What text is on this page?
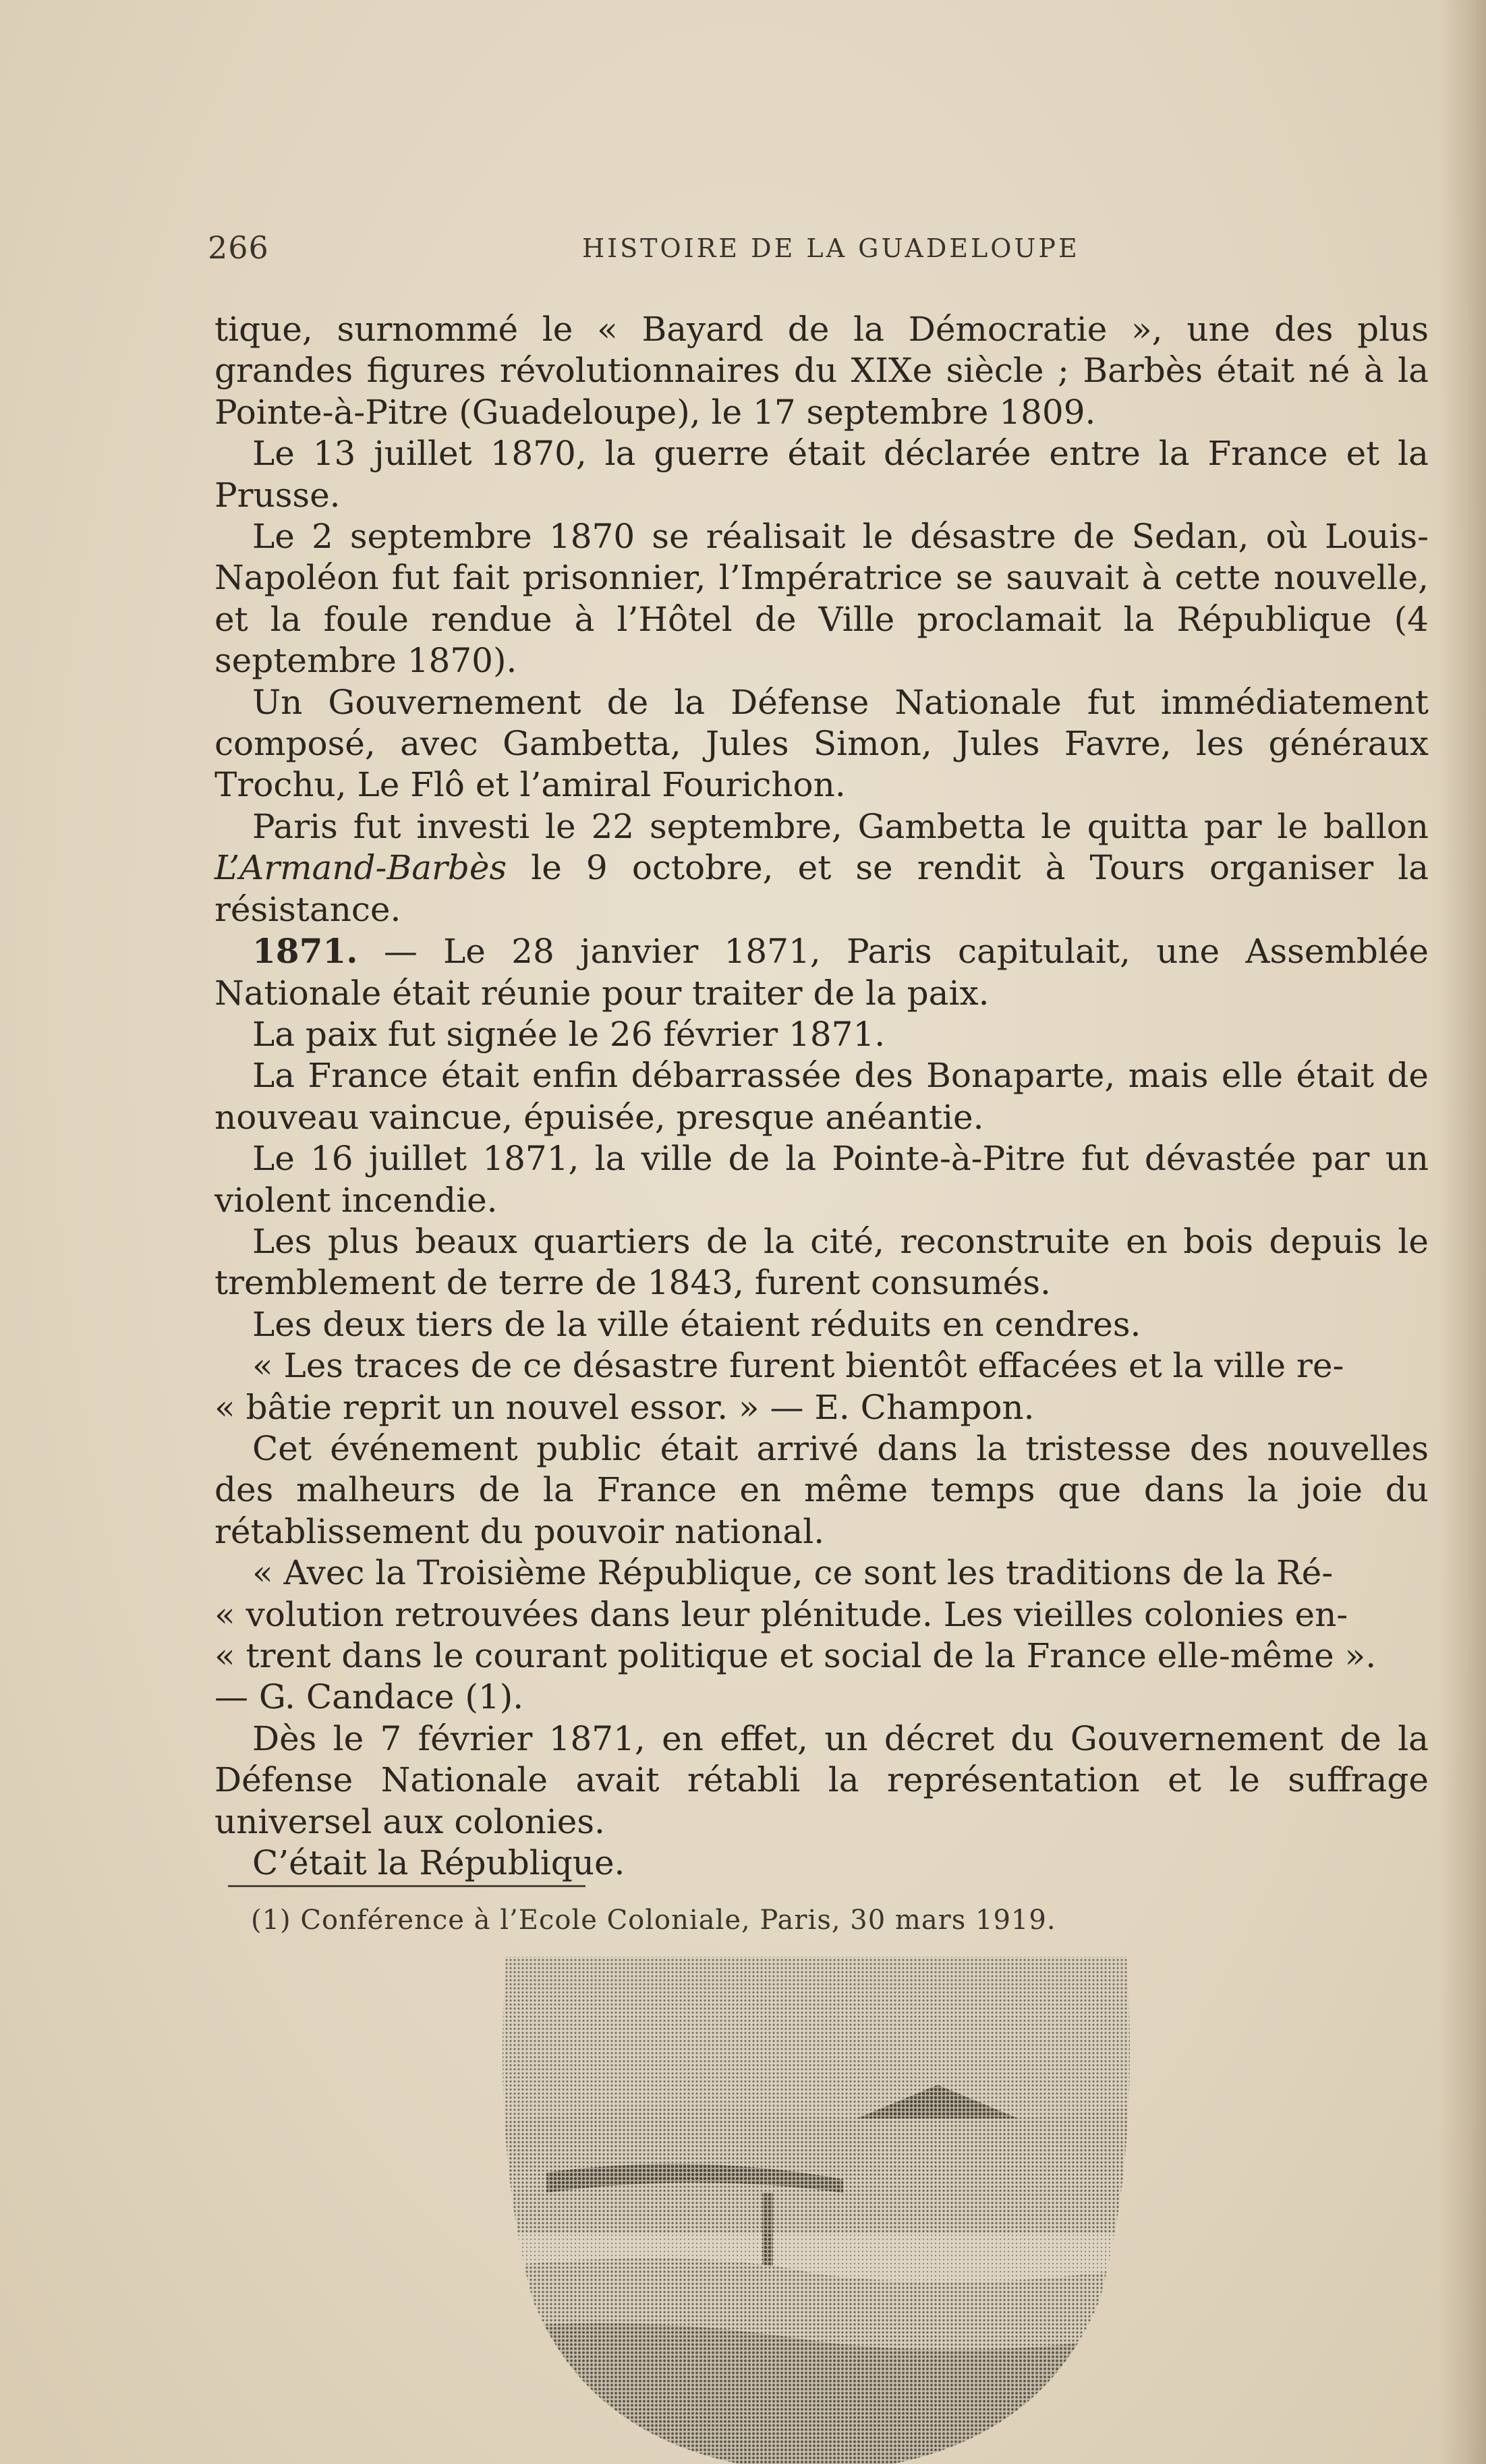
266	HISTOIRE DE LA GUADELOUPE

tique, surnommé le « Bayard de la Démocratie », une des plus grandes figures révolutionnaires du XIXe siècle ; Barbès était né à la Pointe-à-Pitre (Guadeloupe), le 17 septembre 1809.

Le 13 juillet 1870, la guerre était déclarée entre la France et la Prusse.

Le 2 septembre 1870 se réalisait le désastre de Sedan, où Louis-Napoléon fut fait prisonnier, l’Impératrice se sauvait à cette nouvelle, et la foule rendue à l’Hôtel de Ville proclamait la République (4 septembre 1870).

Un Gouvernement de la Défense Nationale fut immédiatement composé, avec Gambetta, Jules Simon, Jules Favre, les généraux Trochu, Le Flô et l’amiral Fourichon.

Paris fut investi le 22 septembre, Gambetta le quitta par le ballon L’Armand-Barbès le 9 octobre, et se rendit à Tours organiser la résistance.

1871. — Le 28 janvier 1871, Paris capitulait, une Assemblée Nationale était réunie pour traiter de la paix.

La paix fut signée le 26 février 1871.

La France était enfin débarrassée des Bonaparte, mais elle était de nouveau vaincue, épuisée, presque anéantie.

Le 16 juillet 1871, la ville de la Pointe-à-Pitre fut dévastée par un violent incendie.

Les plus beaux quartiers de la cité, reconstruite en bois depuis le tremblement de terre de 1843, furent consumés.

Les deux tiers de la ville étaient réduits en cendres.

« Les traces de ce désastre furent bientôt effacées et la ville re-

« bâtie reprit un nouvel essor. » — E. Champon.

Cet événement public était arrivé dans la tristesse des nouvelles des malheurs de la France en même temps que dans la joie du rétablissement du pouvoir national.

« Avec la Troisième République, ce sont les traditions de la Ré-

« volution retrouvées dans leur plénitude. Les vieilles colonies en-

« trent dans le courant politique et social de la France elle-même ».

— G. Candace (1).

Dès le 7 février 1871, en effet, un décret du Gouvernement de la Défense Nationale avait rétabli la représentation et le suffrage universel aux colonies.

C’était la République.

(1) Conférence à l’Ecole Coloniale, Paris, 30 mars 1919.
